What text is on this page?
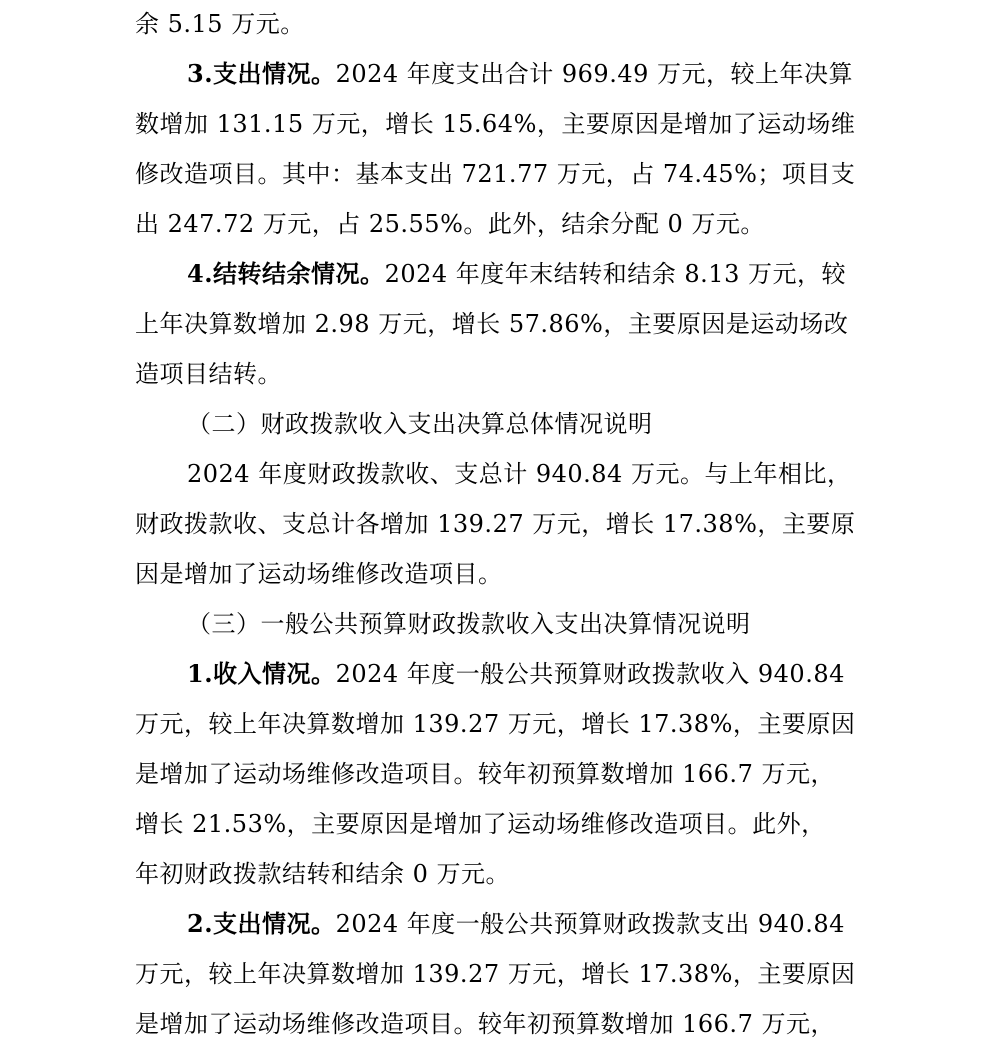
余 5.15 万元。
3.支出情况。2024 年度支出合计 969.49 万元，较上年决算
数增加 131.15 万元，增长 15.64%，主要原因是增加了运动场维
修改造项目。其中：基本支出 721.77 万元，占 74.45%；项目支
出 247.72 万元，占 25.55%。此外，结余分配 0 万元。
4.结转结余情况。2024 年度年末结转和结余 8.13 万元，较
上年决算数增加 2.98 万元，增长 57.86%，主要原因是运动场改
造项目结转。
（二）财政拨款收入支出决算总体情况说明
2024 年度财政拨款收、支总计 940.84 万元。与上年相比，
财政拨款收、支总计各增加 139.27 万元，增长 17.38%，主要原
因是增加了运动场维修改造项目。
（三）一般公共预算财政拨款收入支出决算情况说明
1.收入情况。2024 年度一般公共预算财政拨款收入 940.84
万元，较上年决算数增加 139.27 万元，增长 17.38%，主要原因
是增加了运动场维修改造项目。较年初预算数增加 166.7 万元，
增长 21.53%，主要原因是增加了运动场维修改造项目。此外，
年初财政拨款结转和结余 0 万元。
2.支出情况。2024 年度一般公共预算财政拨款支出 940.84
万元，较上年决算数增加 139.27 万元，增长 17.38%，主要原因
是增加了运动场维修改造项目。较年初预算数增加 166.7 万元，
